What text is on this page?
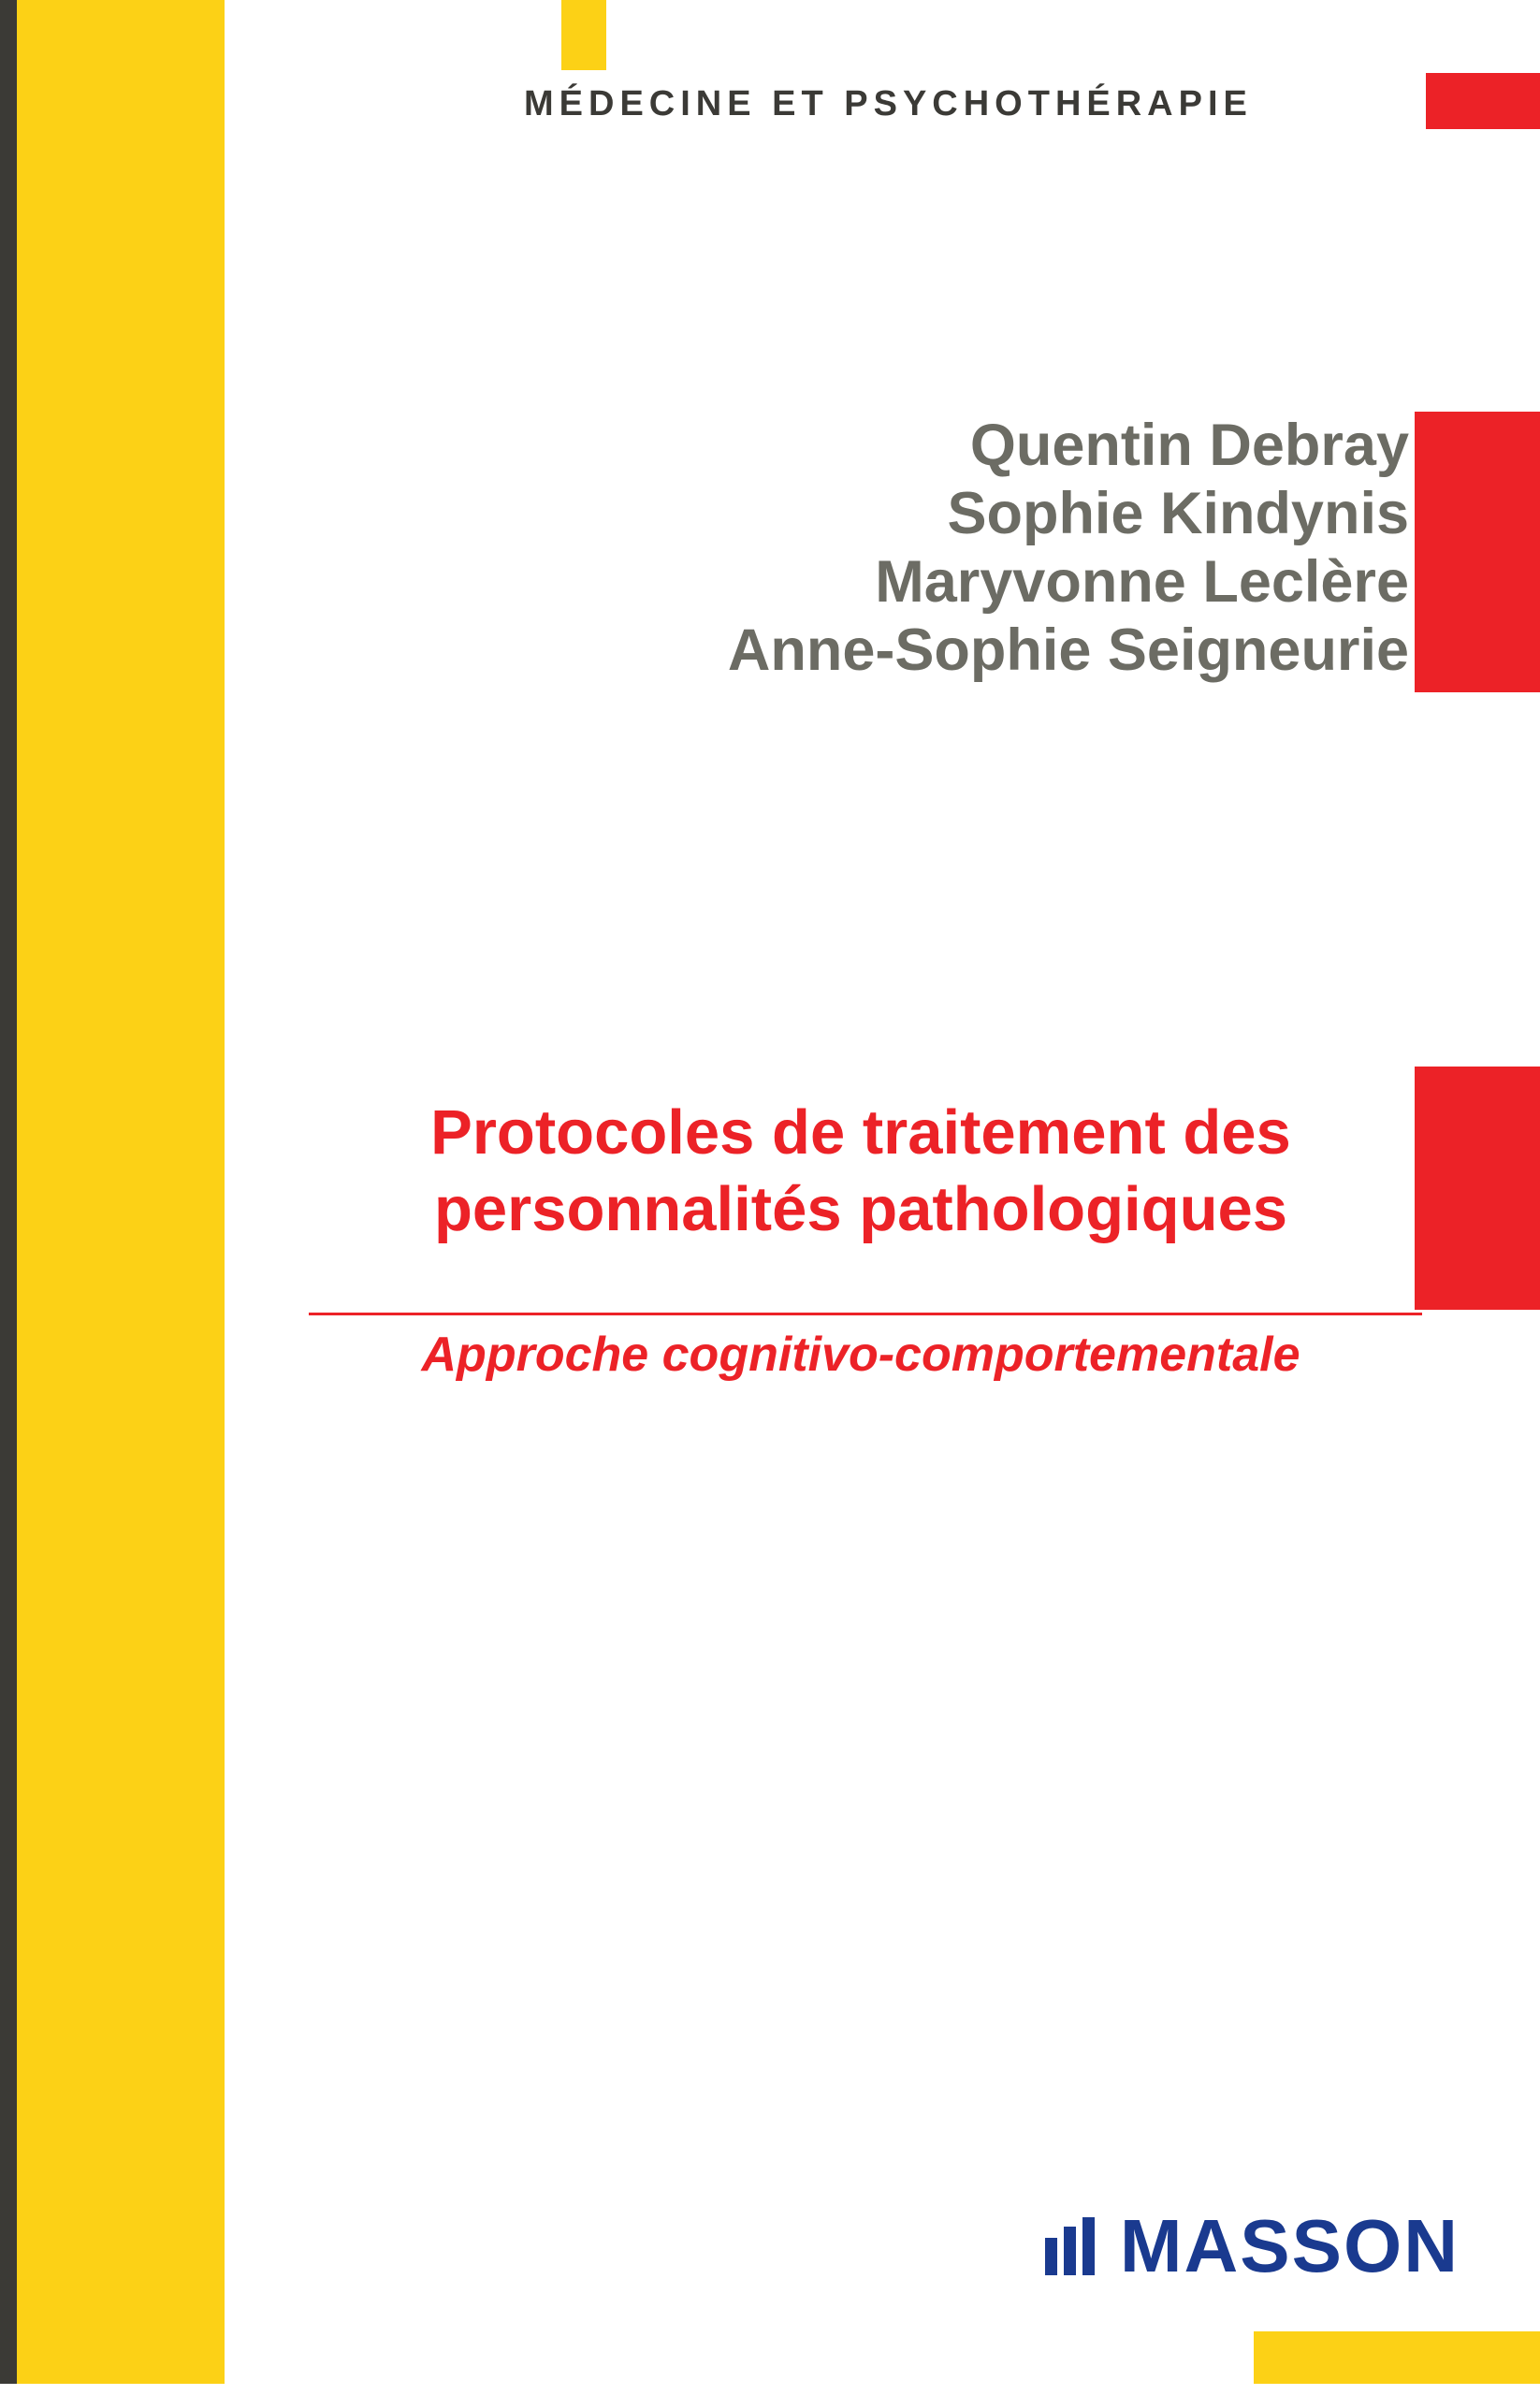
MÉDECINE ET PSYCHOTHÉRAPIE
Quentin Debray
Sophie Kindynis
Maryvonne Leclère
Anne-Sophie Seigneurie
Protocoles de traitement des
personnalités pathologiques
Approche cognitivo-comportementale
MASSON
